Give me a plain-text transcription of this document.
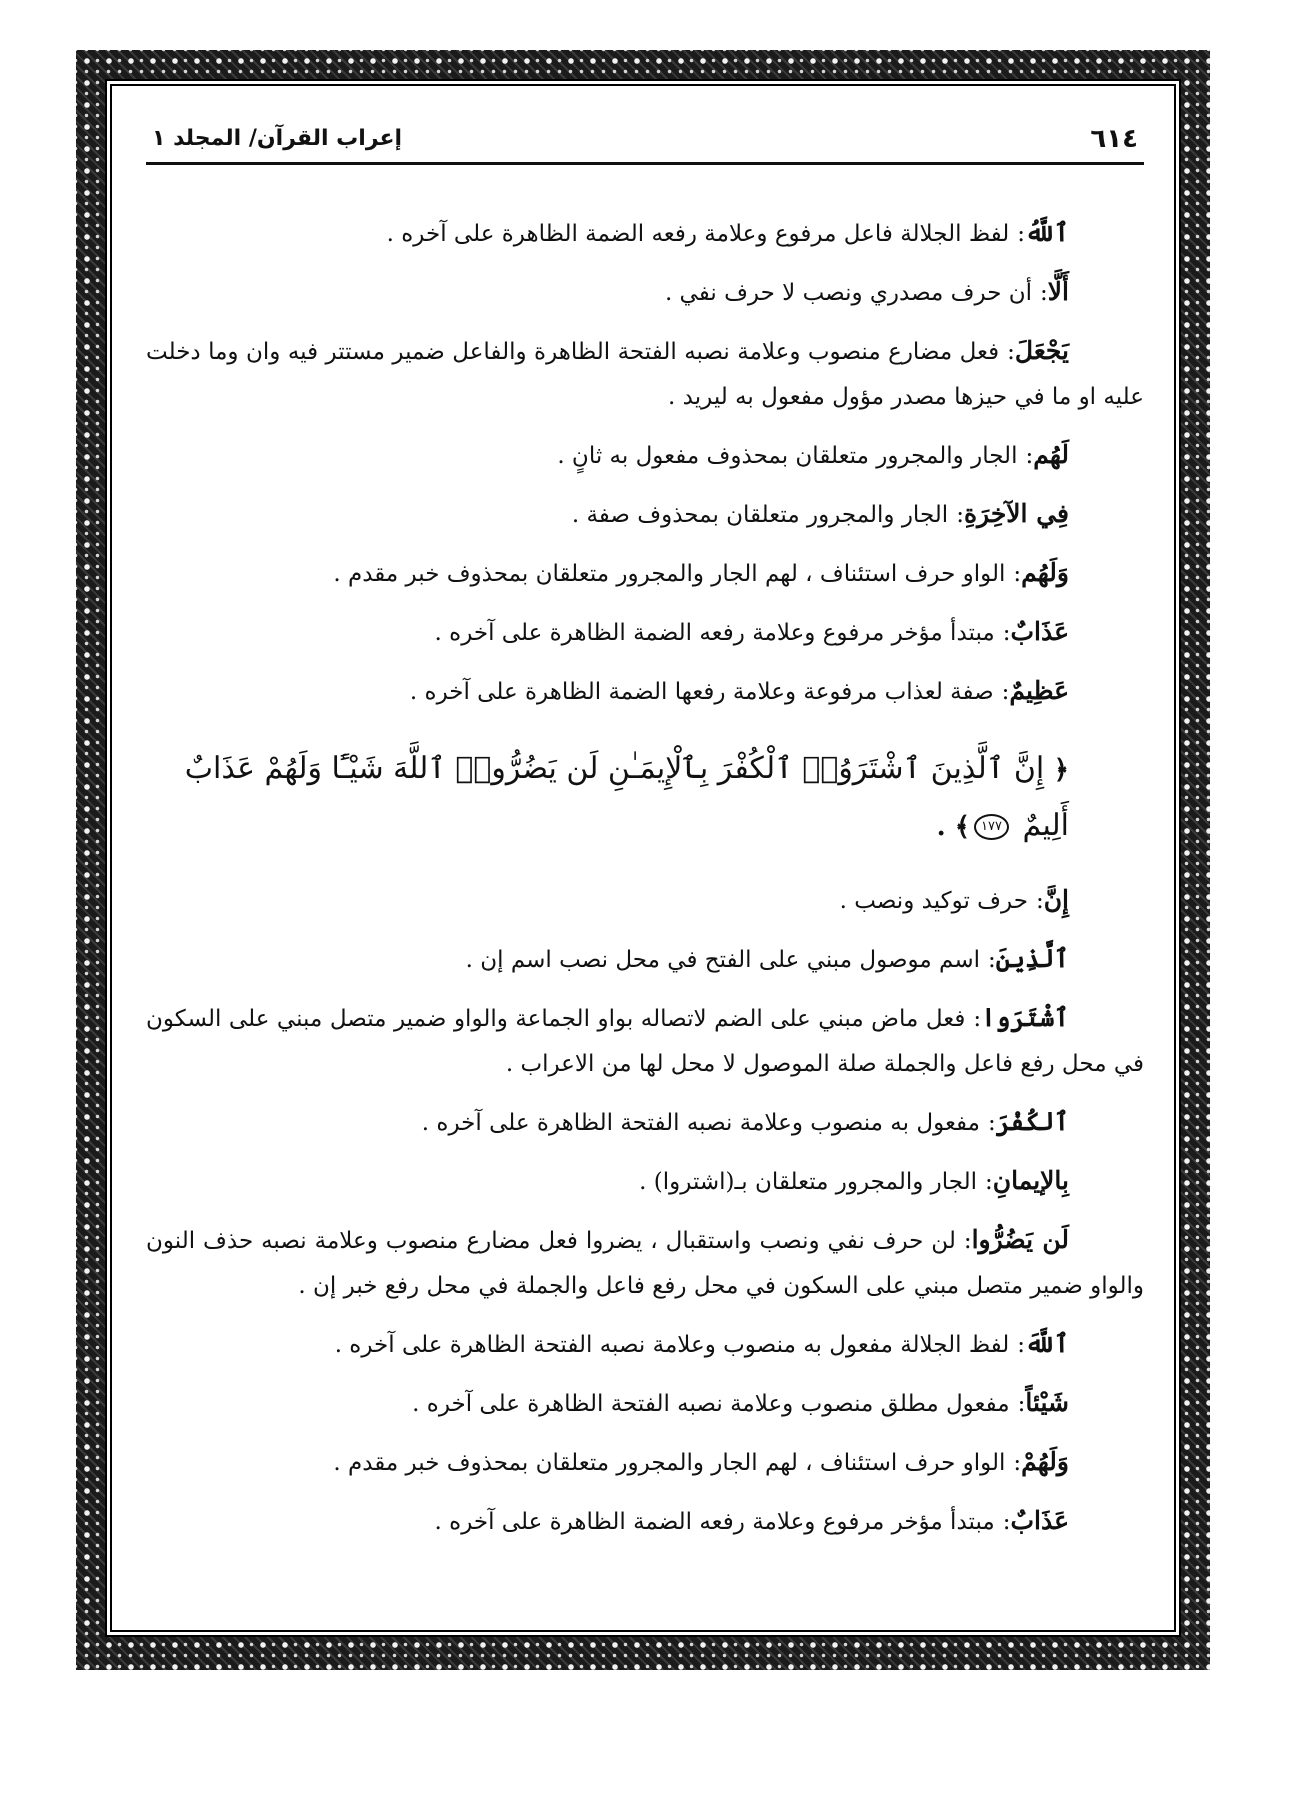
٦١٤
إعراب القرآن/ المجلد ١

ٱللَّهُ:لفظ الجلالة فاعل مرفوع وعلامة رفعه الضمة الظاهرة على آخره .

أَلَّا:أن حرف مصدري ونصب لا حرف نفي .

يَجْعَلَ:فعل مضارع منصوب وعلامة نصبه الفتحة الظاهرة والفاعل ضمير مستتر فيه وان وما دخلت عليه او ما في حيزها مصدر مؤول مفعول به ليريد .

لَهُم:الجار والمجرور متعلقان بمحذوف مفعول به ثانٍ .

فِي الآخِرَةِ:الجار والمجرور متعلقان بمحذوف صفة .

وَلَهُم:الواو حرف استئناف ، لهم الجار والمجرور متعلقان بمحذوف خبر مقدم .

عَذَابٌ:مبتدأ مؤخر مرفوع وعلامة رفعه الضمة الظاهرة على آخره .

عَظِيمٌ:صفة لعذاب مرفوعة وعلامة رفعها الضمة الظاهرة على آخره .

﴿ إِنَّ ٱلَّذِينَ ٱشْتَرَوُا۟ ٱلْكُفْرَ بِٱلْإِيمَـٰنِ لَن يَضُرُّوا۟ ٱللَّهَ شَيْـًٔا وَلَهُمْ عَذَابٌ أَلِيمٌ ١٧٧﴾ .

إِنَّ:حرف توكيد ونصب .

ٱلَّذِينَ:اسم موصول مبني على الفتح في محل نصب اسم إن .

ٱشْتَرَوا:فعل ماض مبني على الضم لاتصاله بواو الجماعة والواو ضمير متصل مبني على السكون في محل رفع فاعل والجملة صلة الموصول لا محل لها من الاعراب .

ٱلكُفْرَ:مفعول به منصوب وعلامة نصبه الفتحة الظاهرة على آخره .

بِالإيمانِ:الجار والمجرور متعلقان بـ(اشتروا) .

لَن يَضُرُّوا:لن حرف نفي ونصب واستقبال ، يضروا فعل مضارع منصوب وعلامة نصبه حذف النون والواو ضمير متصل مبني على السكون في محل رفع فاعل والجملة في محل رفع خبر إن .

ٱللَّهَ:لفظ الجلالة مفعول به منصوب وعلامة نصبه الفتحة الظاهرة على آخره .

شَيْئاً:مفعول مطلق منصوب وعلامة نصبه الفتحة الظاهرة على آخره .

وَلَهُمْ:الواو حرف استئناف ، لهم الجار والمجرور متعلقان بمحذوف خبر مقدم .

عَذَابٌ:مبتدأ مؤخر مرفوع وعلامة رفعه الضمة الظاهرة على آخره .
